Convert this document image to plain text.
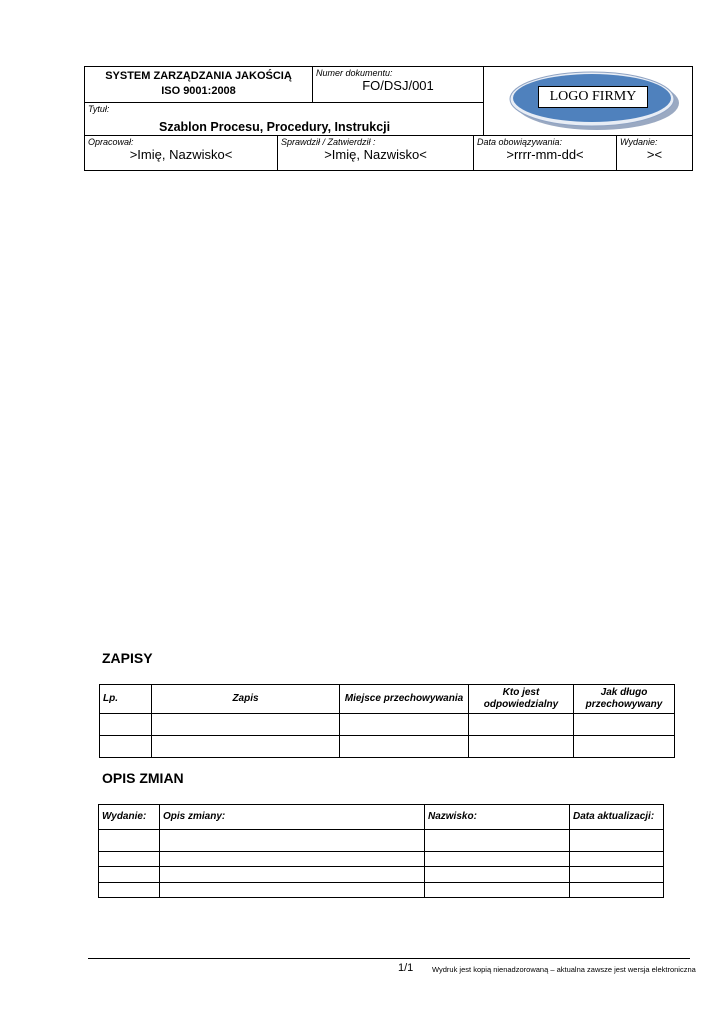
SYSTEM ZARZĄDZANIA JAKOŚCIĄ
ISO 9001:2008

Numer dokumentu:
FO/DSJ/001

Tytuł:
Szablon Procesu, Procedury, Instrukcji
Opracował:
>Imię, Nazwisko<

Sprawdził / Zatwierdził :
>Imię, Nazwisko<

Data obowiązywania:
>rrrr-mm-dd<

Wydanie:
><
LOGO FIRMY
ZAPISY
Lp.	Zapis	Miejsce przechowywania	Kto jest odpowiedzialny	Jak długo przechowywany

OPIS ZMIAN
Wydanie:	Opis zmiany:	Nazwisko:	Data aktualizacji:

1/1 Wydruk jest kopią nienadzorowaną – aktualna zawsze jest wersja elektroniczna
